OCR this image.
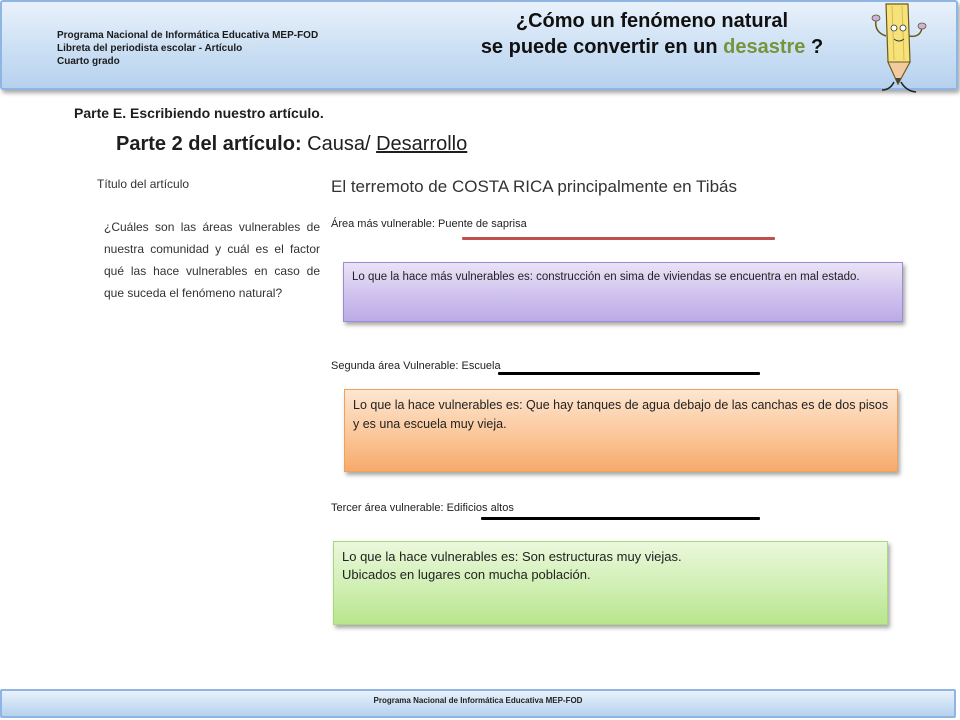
Programa Nacional de Informática Educativa MEP-FOD
Libreta del periodista escolar - Artículo
Cuarto grado
¿Cómo un fenómeno natural
se puede convertir en un desastre ?
Parte E. Escribiendo nuestro artículo.
Parte 2 del artículo: Causa/ Desarrollo
Título del artículo	El terremoto de COSTA RICA principalmente en Tibás
¿Cuáles son las áreas vulnerables de nuestra comunidad y cuál es el factor qué las hace vulnerables en caso de que suceda el fenómeno natural?
Área más vulnerable: Puente de saprisa
Lo que la hace más vulnerables es: construcción en sima de viviendas se encuentra en mal estado.
Segunda área Vulnerable: Escuela
Lo que la hace vulnerables es: Que hay tanques de agua debajo de las canchas es de dos pisos y es una escuela muy vieja.
Tercer área vulnerable: Edificios altos
Lo que la hace vulnerables es: Son estructuras muy viejas.
Ubicados en lugares con mucha población.
Programa Nacional de Informática Educativa MEP-FOD
